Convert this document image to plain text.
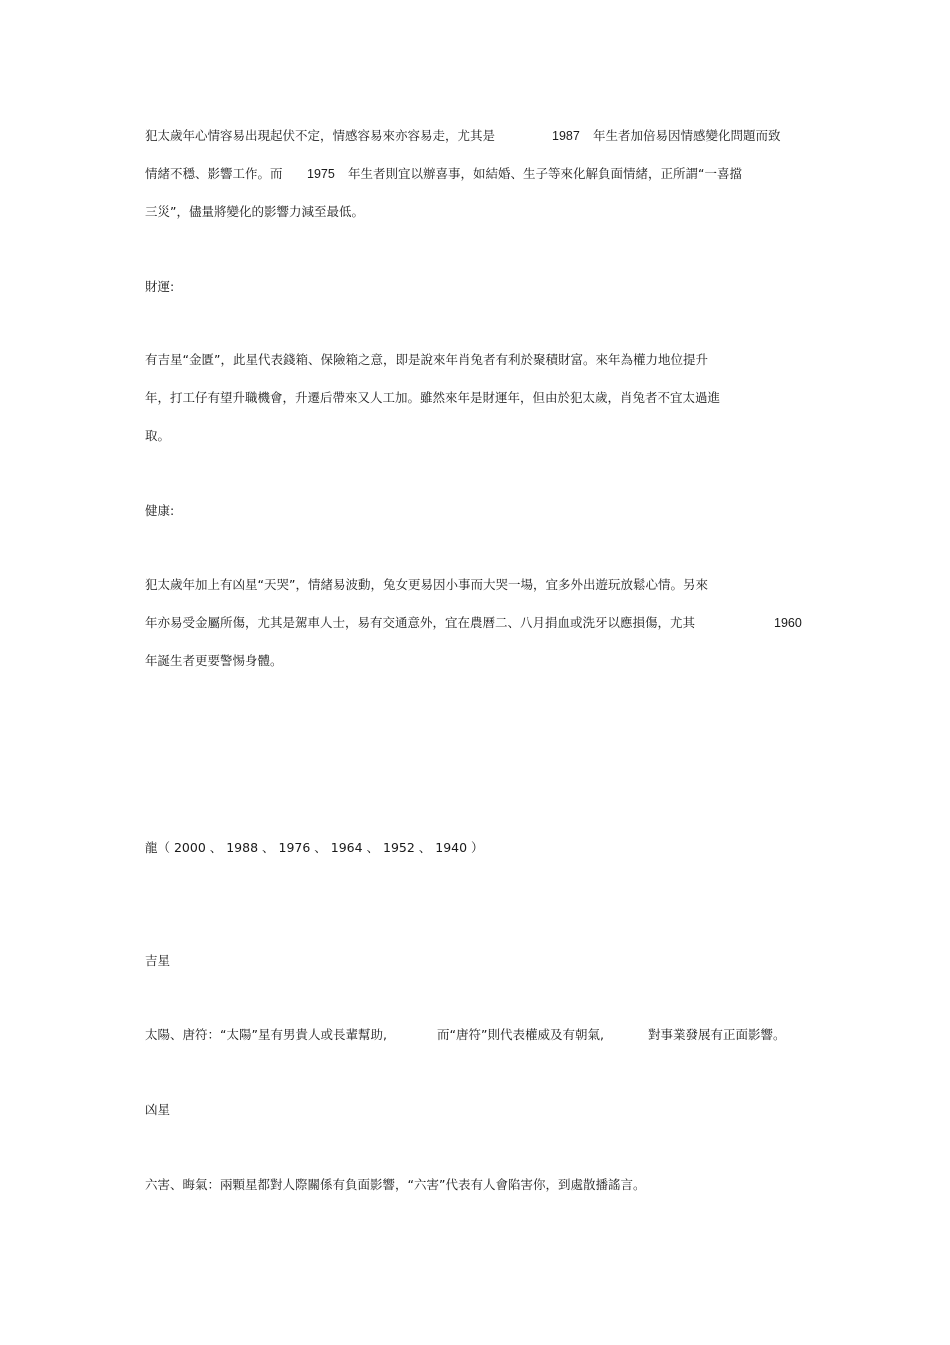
犯太歲年心情容易出現起伏不定，情感容易來亦容易走，尤其是	1987 年生者加倍易因情感變化問題而致
情緒不穩、影響工作。而 1975 年生者則宜以辦喜事，如結婚、生子等來化解負面情緒，正所謂“一喜擋

三災”，儘量將變化的影響力減至最低。

財運:

有吉星“金匱”，此星代表錢箱、保險箱之意，即是說來年肖兔者有利於聚積財富。來年為權力地位提升

年，打工仔有望升職機會，升遷后帶來又人工加。雖然來年是財運年，但由於犯太歲，肖兔者不宜太過進

取。

健康:

犯太歲年加上有凶星“天哭”，情緒易波動，兔女更易因小事而大哭一場，宜多外出遊玩放鬆心情。另來

年亦易受金屬所傷，尤其是駕車人士，易有交通意外，宜在農曆二、八月捐血或洗牙以應損傷，尤其	1960

年誕生者更要警惕身體。

龍（ 2000 、 1988 、 1976 、 1964 、 1952 、 1940 ）

吉星

太陽、唐符：“太陽”星有男貴人或長輩幫助,	而“唐符”則代表權威及有朝氣,	對事業發展有正面影響。

凶星

六害、晦氣：兩顆星都對人際關係有負面影響，“六害”代表有人會陷害你，到處散播謠言。
